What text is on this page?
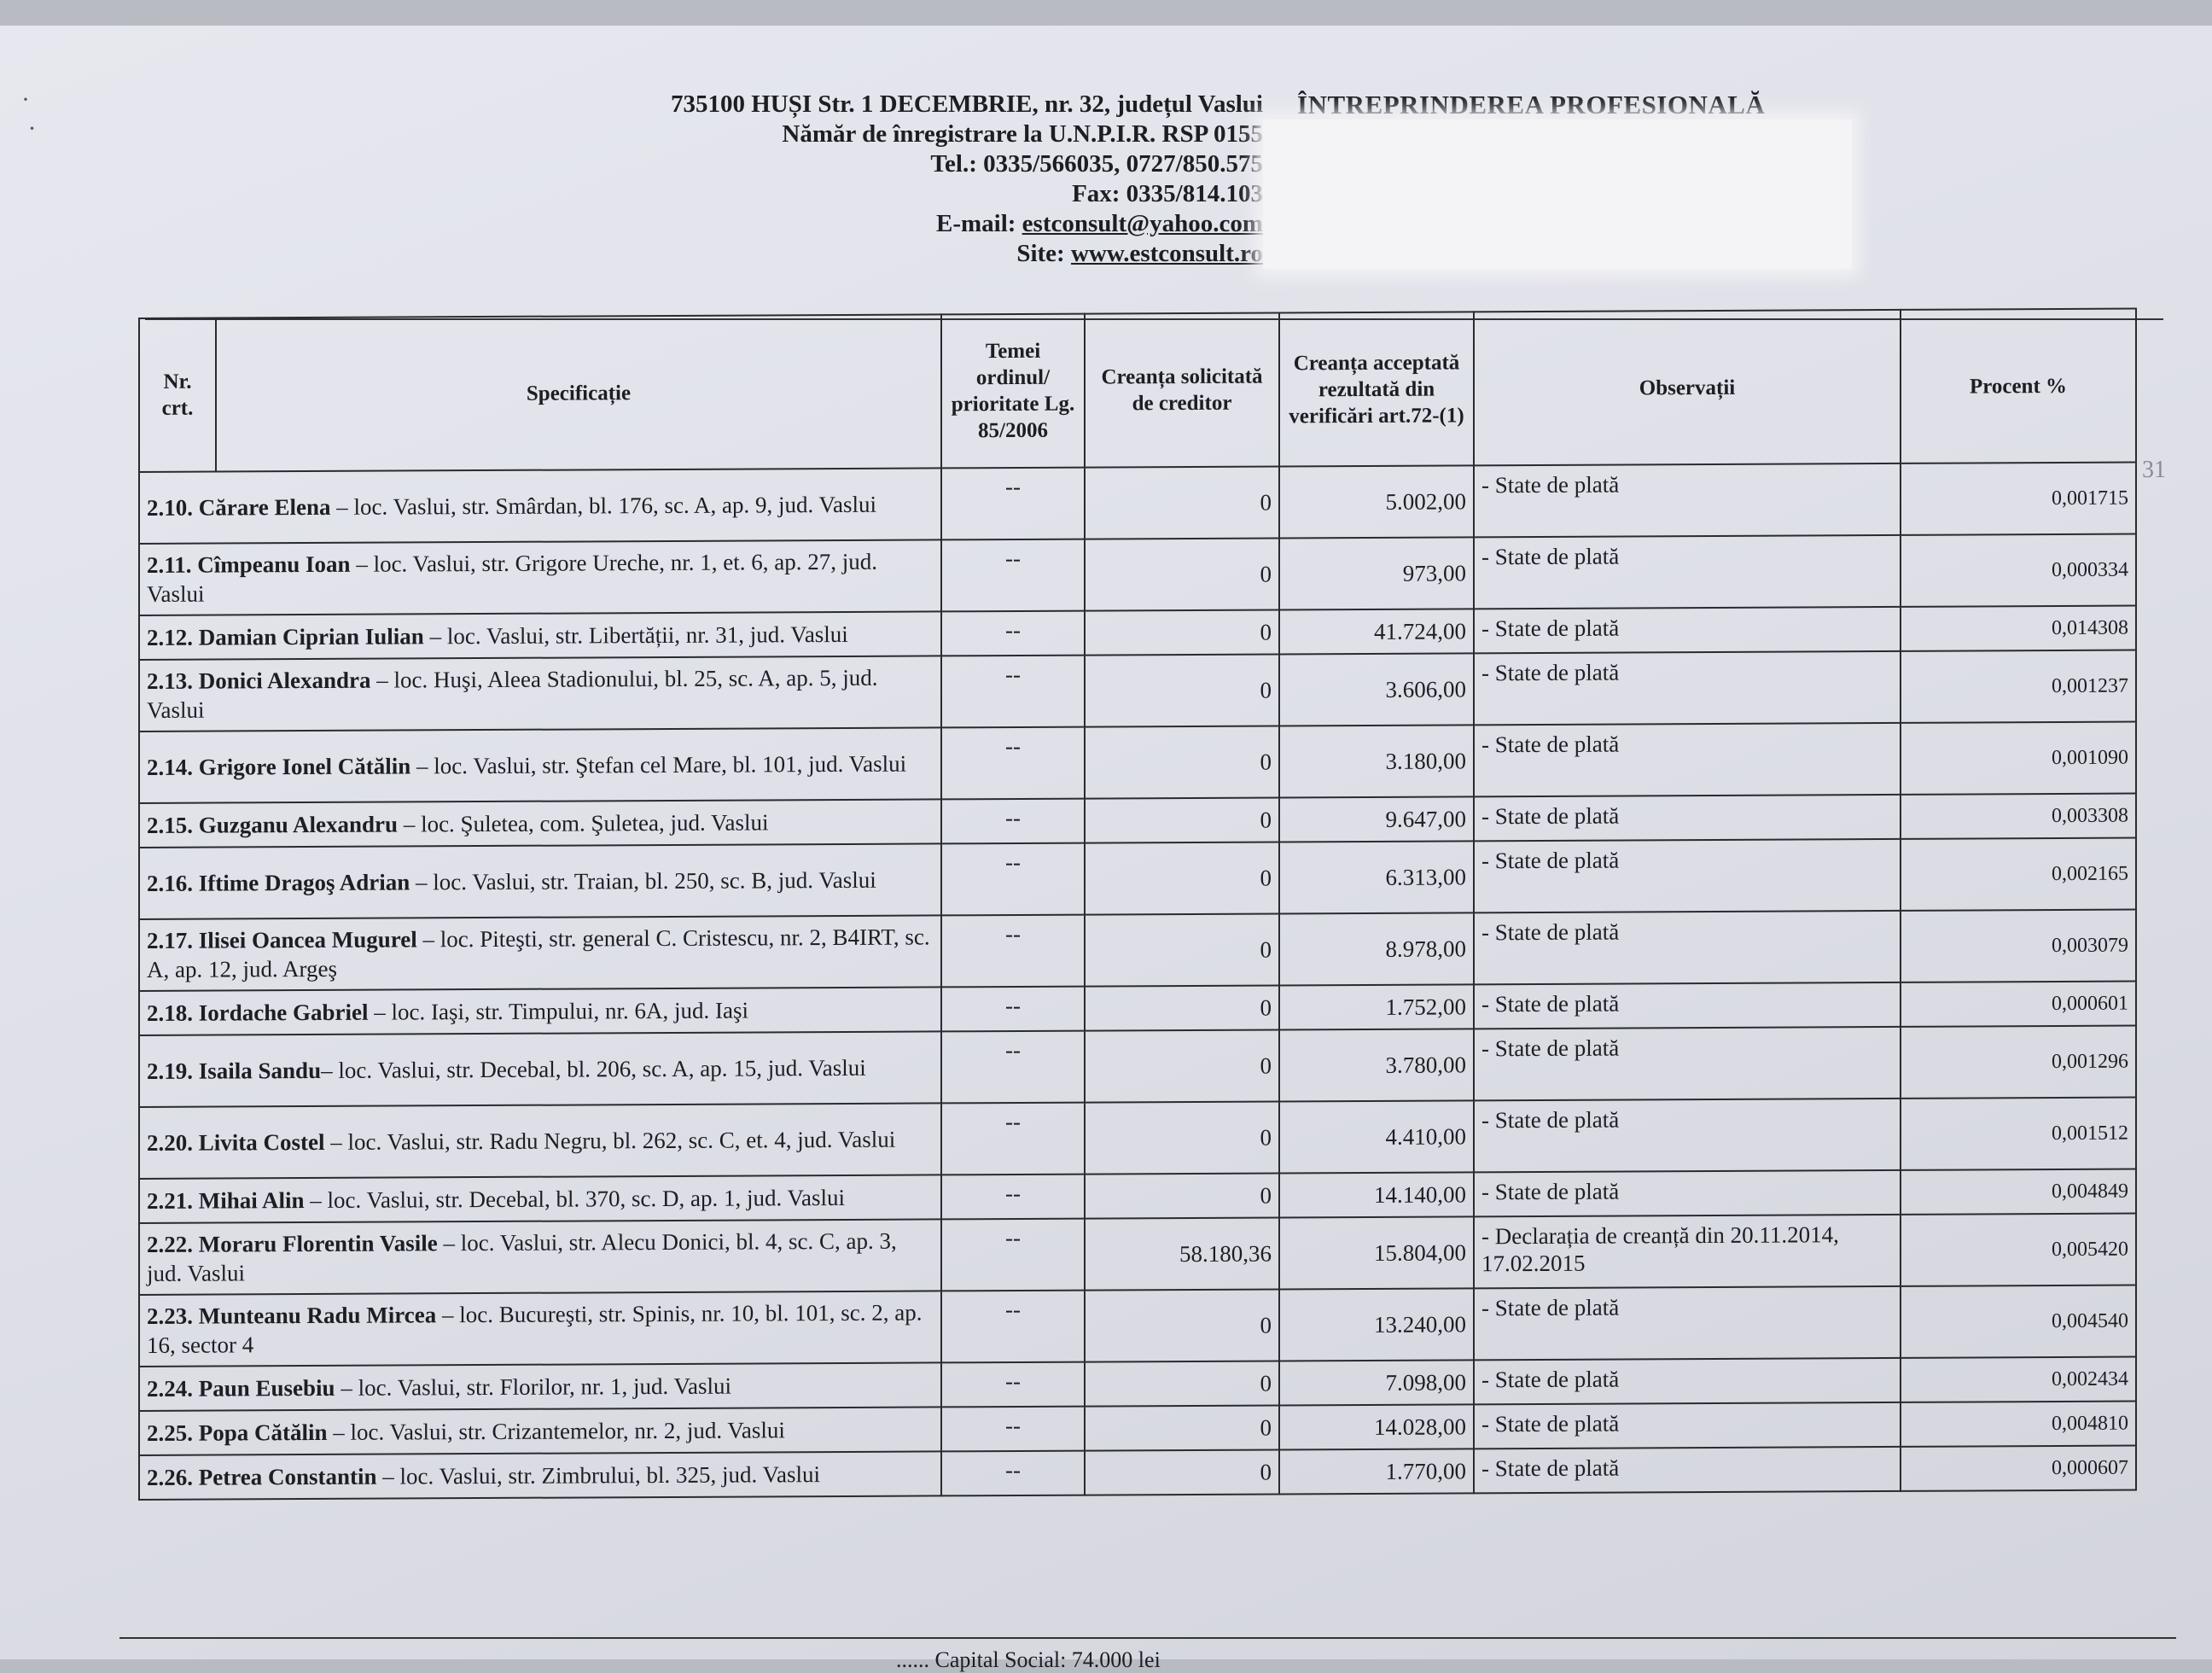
·
·
735100 HUȘI Str. 1 DECEMBRIE, nr. 32, județul Vaslui
Nămăr de înregistrare la U.N.P.I.R. RSP 0155
Tel.: 0335/566035, 0727/850.575
Fax: 0335/814.103
E-mail: estconsult@yahoo.com
Site: www.estconsult.ro
ÎNTREPRINDEREA PROFESIONALĂ
31
Nr. crt.	Specificație	Temei ordinul/ prioritate Lg. 85/2006	Creanța solicitată de creditor	Creanța acceptată rezultată din verificări art.72-(1)	Observații	Procent %
2.10. Cărare Elena – loc. Vaslui, str. Smârdan, bl. 176, sc. A, ap. 9, jud. Vaslui		--	0	5.002,00	- State de plată	0,001715
2.11. Cîmpeanu Ioan – loc. Vaslui, str. Grigore Ureche, nr. 1, et. 6, ap. 27, jud. Vaslui		--	0	973,00	- State de plată	0,000334
2.12. Damian Ciprian Iulian – loc. Vaslui, str. Libertății, nr. 31, jud. Vaslui		--	0	41.724,00	- State de plată	0,014308
2.13. Donici Alexandra – loc. Huşi, Aleea Stadionului, bl. 25, sc. A, ap. 5, jud. Vaslui		--	0	3.606,00	- State de plată	0,001237
2.14. Grigore Ionel Cătălin – loc. Vaslui, str. Ştefan cel Mare, bl. 101, jud. Vaslui		--	0	3.180,00	- State de plată	0,001090
2.15. Guzganu Alexandru – loc. Şuletea, com. Şuletea, jud. Vaslui		--	0	9.647,00	- State de plată	0,003308
2.16. Iftime Dragoş Adrian – loc. Vaslui, str. Traian, bl. 250, sc. B, jud. Vaslui		--	0	6.313,00	- State de plată	0,002165
2.17. Ilisei Oancea Mugurel – loc. Piteşti, str. general C. Cristescu, nr. 2, B4IRT, sc. A, ap. 12, jud. Argeş		--	0	8.978,00	- State de plată	0,003079
2.18. Iordache Gabriel – loc. Iaşi, str. Timpului, nr. 6A, jud. Iaşi		--	0	1.752,00	- State de plată	0,000601
2.19. Isaila Sandu– loc. Vaslui, str. Decebal, bl. 206, sc. A, ap. 15, jud. Vaslui		--	0	3.780,00	- State de plată	0,001296
2.20. Livita Costel – loc. Vaslui, str. Radu Negru, bl. 262, sc. C, et. 4, jud. Vaslui		--	0	4.410,00	- State de plată	0,001512
2.21. Mihai Alin – loc. Vaslui, str. Decebal, bl. 370, sc. D, ap. 1, jud. Vaslui		--	0	14.140,00	- State de plată	0,004849
2.22. Moraru Florentin Vasile – loc. Vaslui, str. Alecu Donici, bl. 4, sc. C, ap. 3, jud. Vaslui		--	58.180,36	15.804,00	- Declarația de creanță din 20.11.2014, 17.02.2015	0,005420
2.23. Munteanu Radu Mircea – loc. Bucureşti, str. Spinis, nr. 10, bl. 101, sc. 2, ap. 16, sector 4		--	0	13.240,00	- State de plată	0,004540
2.24. Paun Eusebiu – loc. Vaslui, str. Florilor, nr. 1, jud. Vaslui		--	0	7.098,00	- State de plată	0,002434
2.25. Popa Cătălin – loc. Vaslui, str. Crizantemelor, nr. 2, jud. Vaslui		--	0	14.028,00	- State de plată	0,004810
2.26. Petrea Constantin – loc. Vaslui, str. Zimbrului, bl. 325, jud. Vaslui		--	0	1.770,00	- State de plată	0,000607
...... Capital Social: 74.000 lei
